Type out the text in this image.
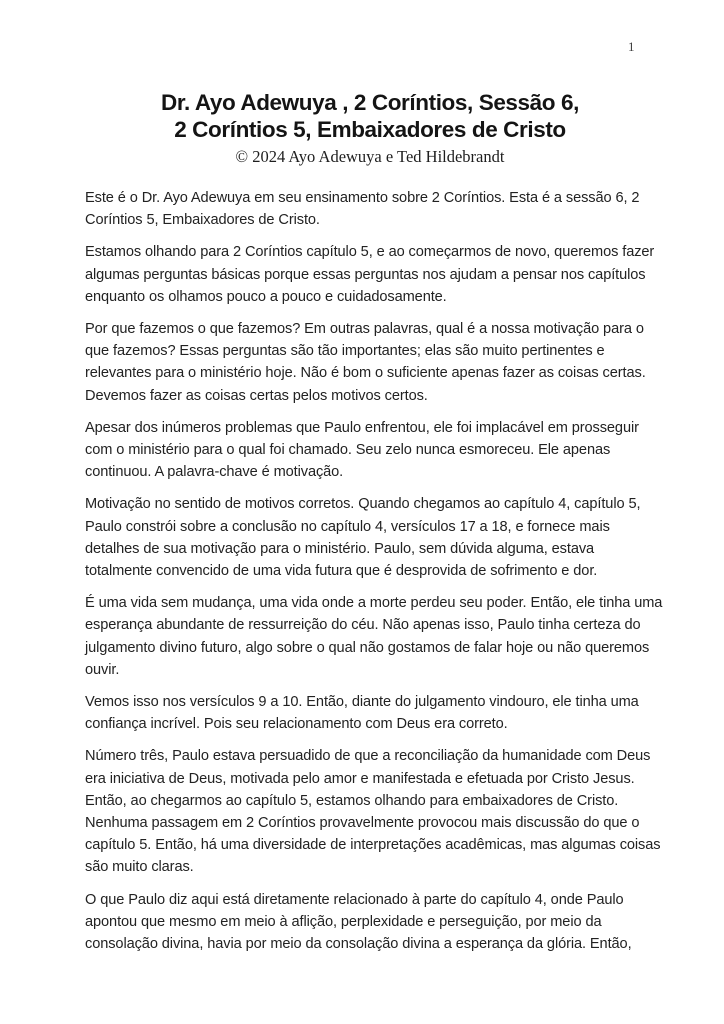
1
Dr. Ayo Adewuya , 2 Coríntios, Sessão 6,
2 Coríntios 5, Embaixadores de Cristo
© 2024 Ayo Adewuya e Ted Hildebrandt

Este é o Dr. Ayo Adewuya em seu ensinamento sobre 2 Coríntios. Esta é a sessão 6, 2 Coríntios 5, Embaixadores de Cristo.

Estamos olhando para 2 Coríntios capítulo 5, e ao começarmos de novo, queremos fazer algumas perguntas básicas porque essas perguntas nos ajudam a pensar nos capítulos enquanto os olhamos pouco a pouco e cuidadosamente.

Por que fazemos o que fazemos? Em outras palavras, qual é a nossa motivação para o que fazemos? Essas perguntas são tão importantes; elas são muito pertinentes e relevantes para o ministério hoje. Não é bom o suficiente apenas fazer as coisas certas. Devemos fazer as coisas certas pelos motivos certos.

Apesar dos inúmeros problemas que Paulo enfrentou, ele foi implacável em prosseguir com o ministério para o qual foi chamado. Seu zelo nunca esmoreceu. Ele apenas continuou. A palavra-chave é motivação.

Motivação no sentido de motivos corretos. Quando chegamos ao capítulo 4, capítulo 5, Paulo constrói sobre a conclusão no capítulo 4, versículos 17 a 18, e fornece mais detalhes de sua motivação para o ministério. Paulo, sem dúvida alguma, estava totalmente convencido de uma vida futura que é desprovida de sofrimento e dor.

É uma vida sem mudança, uma vida onde a morte perdeu seu poder. Então, ele tinha uma esperança abundante de ressurreição do céu. Não apenas isso, Paulo tinha certeza do julgamento divino futuro, algo sobre o qual não gostamos de falar hoje ou não queremos ouvir.

Vemos isso nos versículos 9 a 10. Então, diante do julgamento vindouro, ele tinha uma confiança incrível. Pois seu relacionamento com Deus era correto.

Número três, Paulo estava persuadido de que a reconciliação da humanidade com Deus era iniciativa de Deus, motivada pelo amor e manifestada e efetuada por Cristo Jesus. Então, ao chegarmos ao capítulo 5, estamos olhando para embaixadores de Cristo. Nenhuma passagem em 2 Coríntios provavelmente provocou mais discussão do que o capítulo 5. Então, há uma diversidade de interpretações acadêmicas, mas algumas coisas são muito claras.

O que Paulo diz aqui está diretamente relacionado à parte do capítulo 4, onde Paulo apontou que mesmo em meio à aflição, perplexidade e perseguição, por meio da consolação divina, havia por meio da consolação divina a esperança da glória. Então,
